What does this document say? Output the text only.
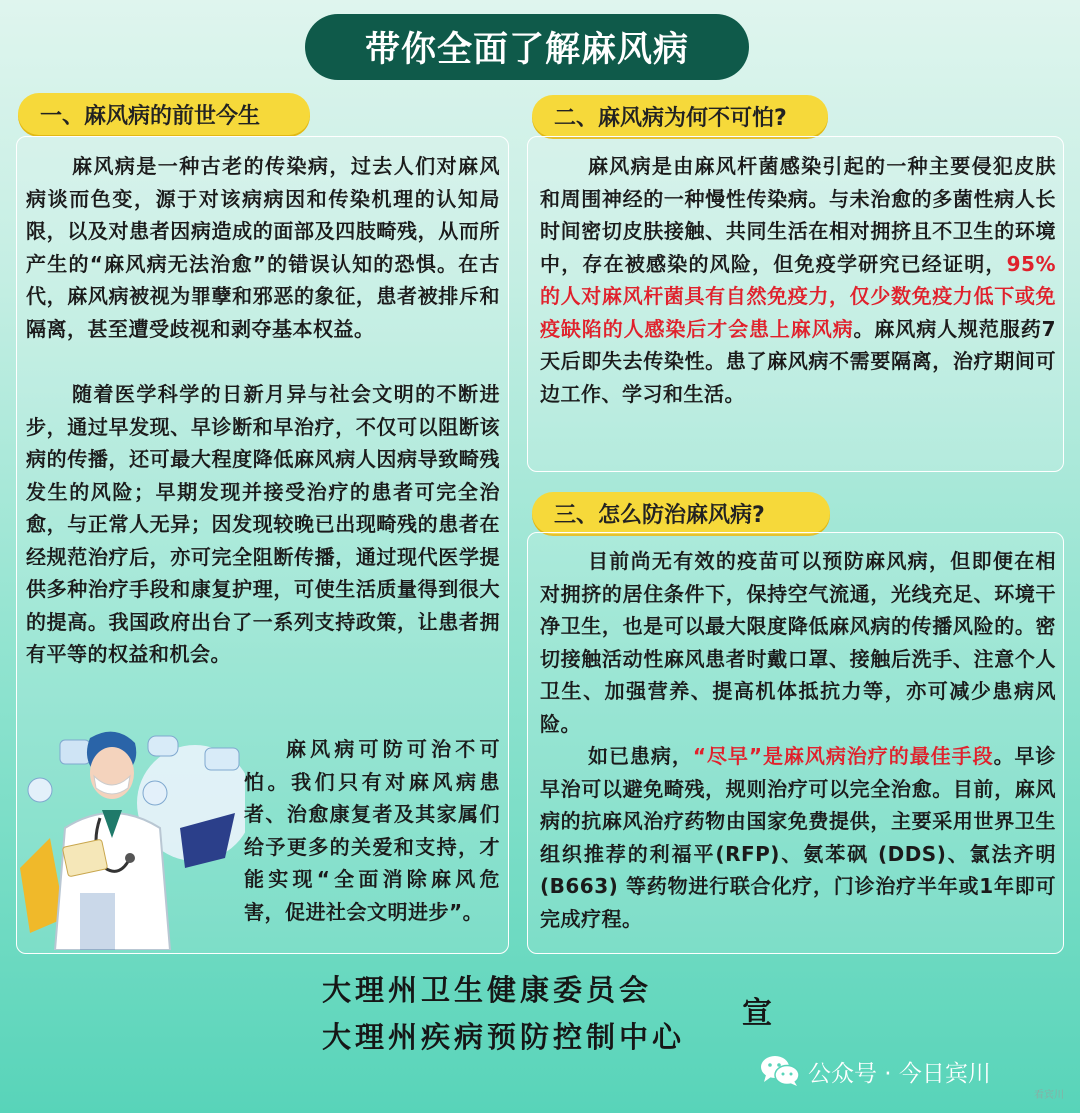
带你全面了解麻风病
一、麻风病的前世今生

麻风病是一种古老的传染病，过去人们对麻风病谈而色变，源于对该病病因和传染机理的认知局限，以及对患者因病造成的面部及四肢畸残，从而所产生的“麻风病无法治愈”的错误认知的恐惧。在古代，麻风病被视为罪孽和邪恶的象征，患者被排斥和隔离，甚至遭受歧视和剥夺基本权益。

随着医学科学的日新月异与社会文明的不断进步，通过早发现、早诊断和早治疗，不仅可以阻断该病的传播，还可最大程度降低麻风病人因病导致畸残发生的风险；早期发现并接受治疗的患者可完全治愈，与正常人无异；因发现较晚已出现畸残的患者在经规范治疗后，亦可完全阻断传播，通过现代医学提供多种治疗手段和康复护理，可使生活质量得到很大的提高。我国政府出台了一系列支持政策，让患者拥有平等的权益和机会。

麻风病可防可治不可怕。我们只有对麻风病患者、治愈康复者及其家属们给予更多的关爱和支持，才能实现“全面消除麻风危害，促进社会文明进步”。

二、麻风病为何不可怕?

麻风病是由麻风杆菌感染引起的一种主要侵犯皮肤和周围神经的一种慢性传染病。与未治愈的多菌性病人长时间密切皮肤接触、共同生活在相对拥挤且不卫生的环境中，存在被感染的风险，但免疫学研究已经证明，95%的人对麻风杆菌具有自然免疫力，仅少数免疫力低下或免疫缺陷的人感染后才会患上麻风病。麻风病人规范服药7天后即失去传染性。患了麻风病不需要隔离，治疗期间可边工作、学习和生活。

三、怎么防治麻风病?

目前尚无有效的疫苗可以预防麻风病，但即便在相对拥挤的居住条件下，保持空气流通，光线充足、环境干净卫生，也是可以最大限度降低麻风病的传播风险的。密切接触活动性麻风患者时戴口罩、接触后洗手、注意个人卫生、加强营养、提高机体抵抗力等，亦可减少患病风险。

如已患病，“尽早”是麻风病治疗的最佳手段。早诊早治可以避免畸残，规则治疗可以完全治愈。目前，麻风病的抗麻风治疗药物由国家免费提供，主要采用世界卫生组织推荐的利福平(RFP)、氨苯砜 (DDS)、氯法齐明 (B663) 等药物进行联合化疗，门诊治疗半年或1年即可完成疗程。

大理州卫生健康委员会
大理州疾病预防控制中心
宣
公众号 · 今日宾川
看宾川
